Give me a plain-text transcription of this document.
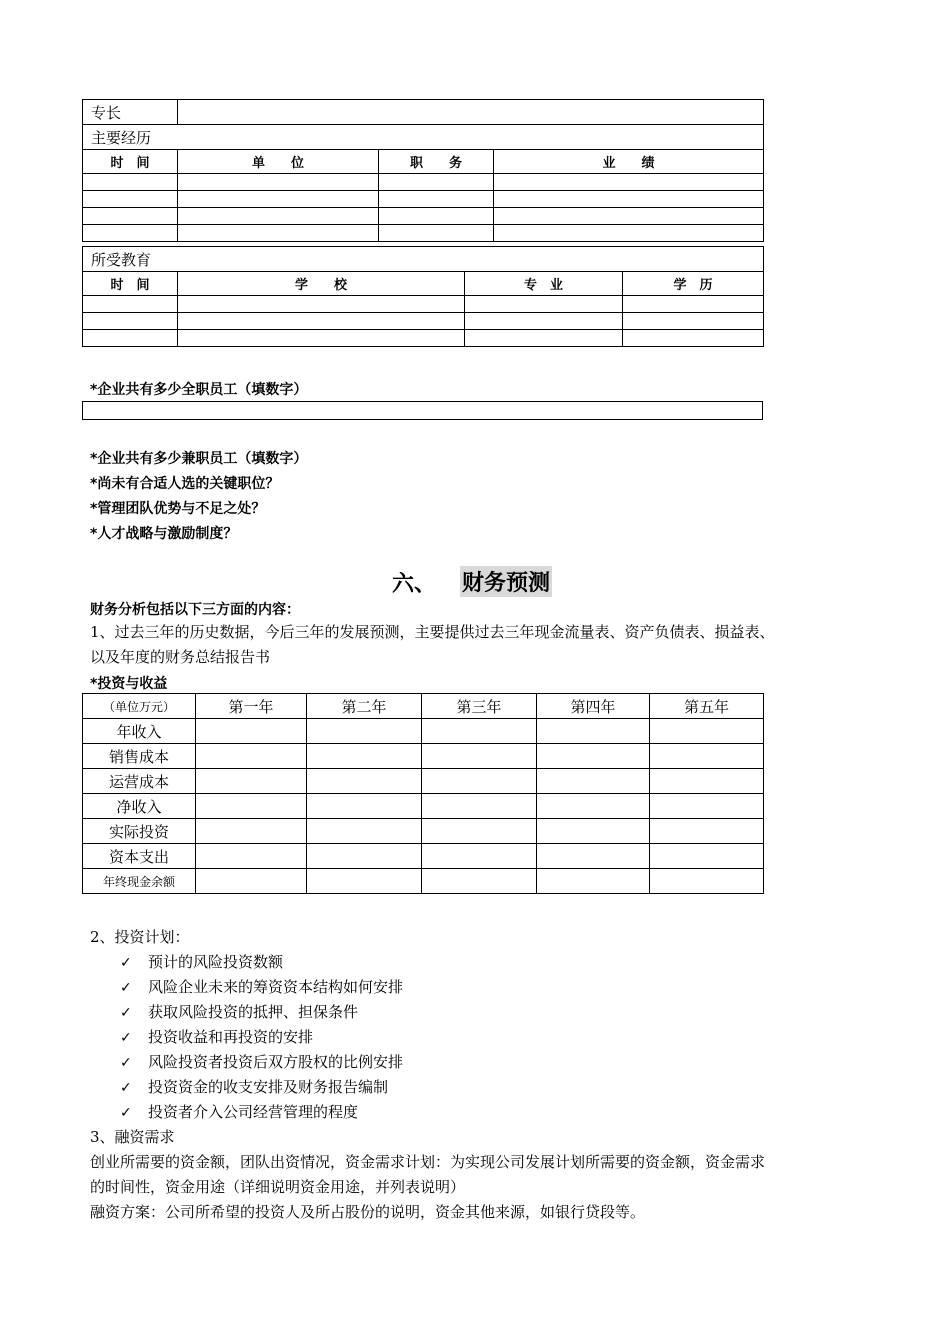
专长			
主要经历			
时　间	单　　位	职　　务	业　　绩

所受教育			
时　间	学　　校	专　业	学　历

*企业共有多少全职员工（填数字）
*企业共有多少兼职员工（填数字）
*尚未有合适人选的关键职位？
*管理团队优势与不足之处？
*人才战略与激励制度？
六、 财务预测
财务分析包括以下三方面的内容：
1、过去三年的历史数据，今后三年的发展预测，主要提供过去三年现金流量表、资产负债表、损益表、
以及年度的财务总结报告书
*投资与收益
（单位万元）	第一年	第二年	第三年	第四年	第五年
年收入					
销售成本					
运营成本					
净收入					
实际投资					
资本支出					
年终现金余额					
2、投资计划：
✓ 预计的风险投资数额
✓ 风险企业未来的筹资资本结构如何安排
✓ 获取风险投资的抵押、担保条件
✓ 投资收益和再投资的安排
✓ 风险投资者投资后双方股权的比例安排
✓ 投资资金的收支安排及财务报告编制
✓ 投资者介入公司经营管理的程度
3、融资需求
创业所需要的资金额，团队出资情况，资金需求计划：为实现公司发展计划所需要的资金额，资金需求
的时间性，资金用途（详细说明资金用途，并列表说明）
融资方案：公司所希望的投资人及所占股份的说明，资金其他来源，如银行贷段等。
